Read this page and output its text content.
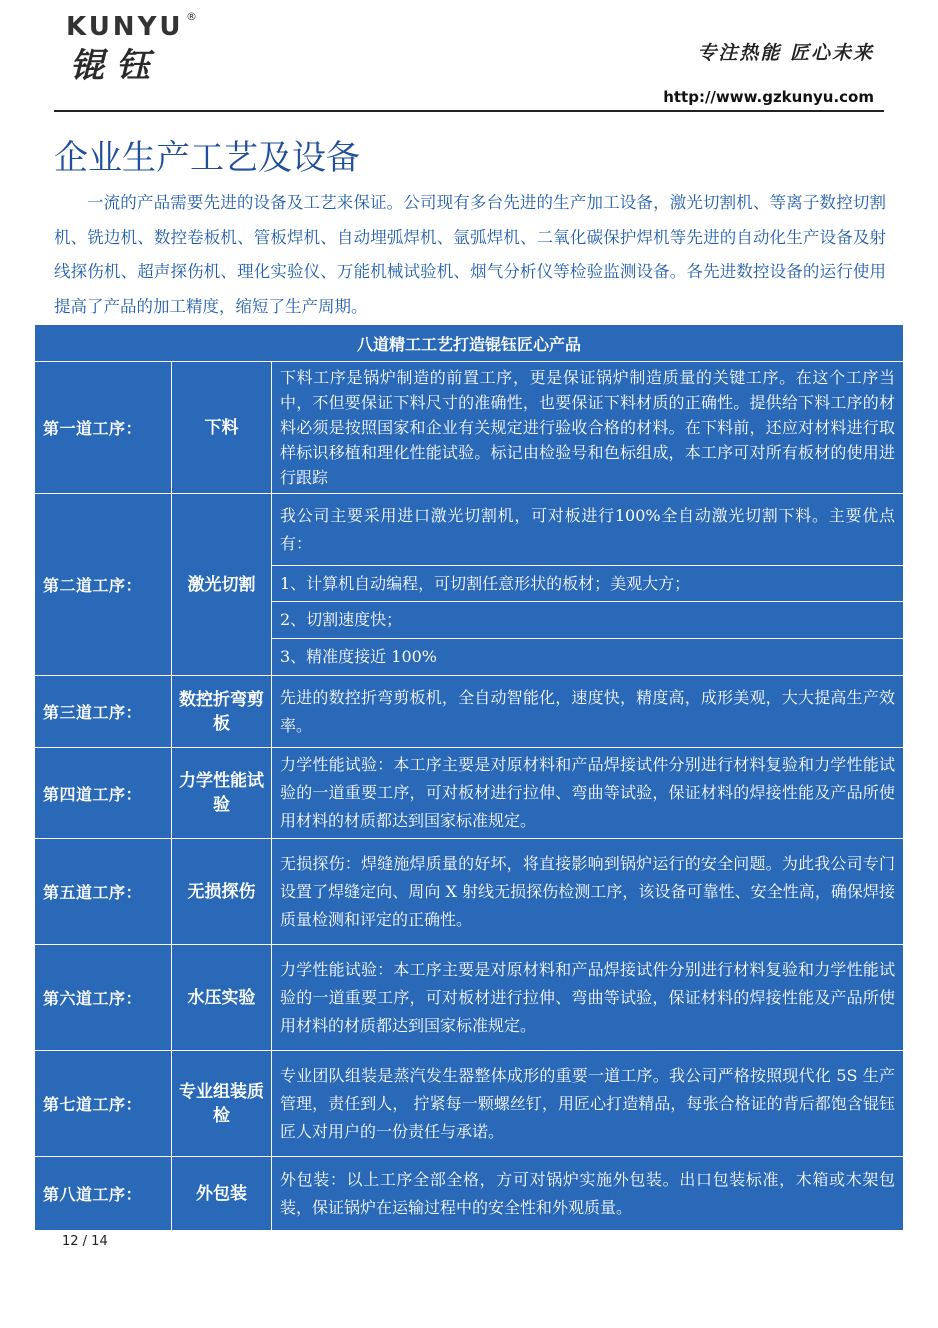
KUNYU ®
锟钰	专注热能 匠心未来
http://www.gzkunyu.com
企业生产工艺及设备

一流的产品需要先进的设备及工艺来保证。公司现有多台先进的生产加工设备，激光切割机、等离子数控切割机、铣边机、数控卷板机、管板焊机、自动埋弧焊机、氩弧焊机、二氧化碳保护焊机等先进的自动化生产设备及射线探伤机、超声探伤机、理化实验仪、万能机械试验机、烟气分析仪等检验监测设备。各先进数控设备的运行使用提高了产品的加工精度，缩短了生产周期。

八道精工工艺打造锟钰匠心产品		
第一道工序：	下料	下料工序是锅炉制造的前置工序，更是保证锅炉制造质量的关键工序。在这个工序当中，不但要保证下料尺寸的准确性，也要保证下料材质的正确性。提供给下料工序的材料必须是按照国家和企业有关规定进行验收合格的材料。在下料前，还应对材料进行取样标识移植和理化性能试验。标记由检验号和色标组成，本工序可对所有板材的使用进行跟踪
第二道工序：	激光切割	我公司主要采用进口激光切割机，可对板进行100%全自动激光切割下料。主要优点有：
		1、计算机自动编程，可切割任意形状的板材；美观大方；
		2、切割速度快；
		3、精准度接近 100%
第三道工序：	数控折弯剪板	先进的数控折弯剪板机，全自动智能化，速度快，精度高，成形美观，大大提高生产效率。
第四道工序：	力学性能试验	力学性能试验：本工序主要是对原材料和产品焊接试件分别进行材料复验和力学性能试验的一道重要工序，可对板材进行拉伸、弯曲等试验，保证材料的焊接性能及产品所使用材料的材质都达到国家标准规定。
第五道工序：	无损探伤	无损探伤：焊缝施焊质量的好坏，将直接影响到锅炉运行的安全问题。为此我公司专门设置了焊缝定向、周向 X 射线无损探伤检测工序，该设备可靠性、安全性高，确保焊接质量检测和评定的正确性。
第六道工序：	水压实验	力学性能试验：本工序主要是对原材料和产品焊接试件分别进行材料复验和力学性能试验的一道重要工序，可对板材进行拉伸、弯曲等试验，保证材料的焊接性能及产品所使用材料的材质都达到国家标准规定。
第七道工序：	专业组装质检	专业团队组装是蒸汽发生器整体成形的重要一道工序。我公司严格按照现代化 5S 生产管理，责任到人， 拧紧每一颗螺丝钉，用匠心打造精品，每张合格证的背后都饱含锟钰匠人对用户的一份责任与承诺。
第八道工序：	外包装	外包装：以上工序全部全格，方可对锅炉实施外包装。出口包装标准，木箱或木架包装，保证锅炉在运输过程中的安全性和外观质量。
12 / 14
